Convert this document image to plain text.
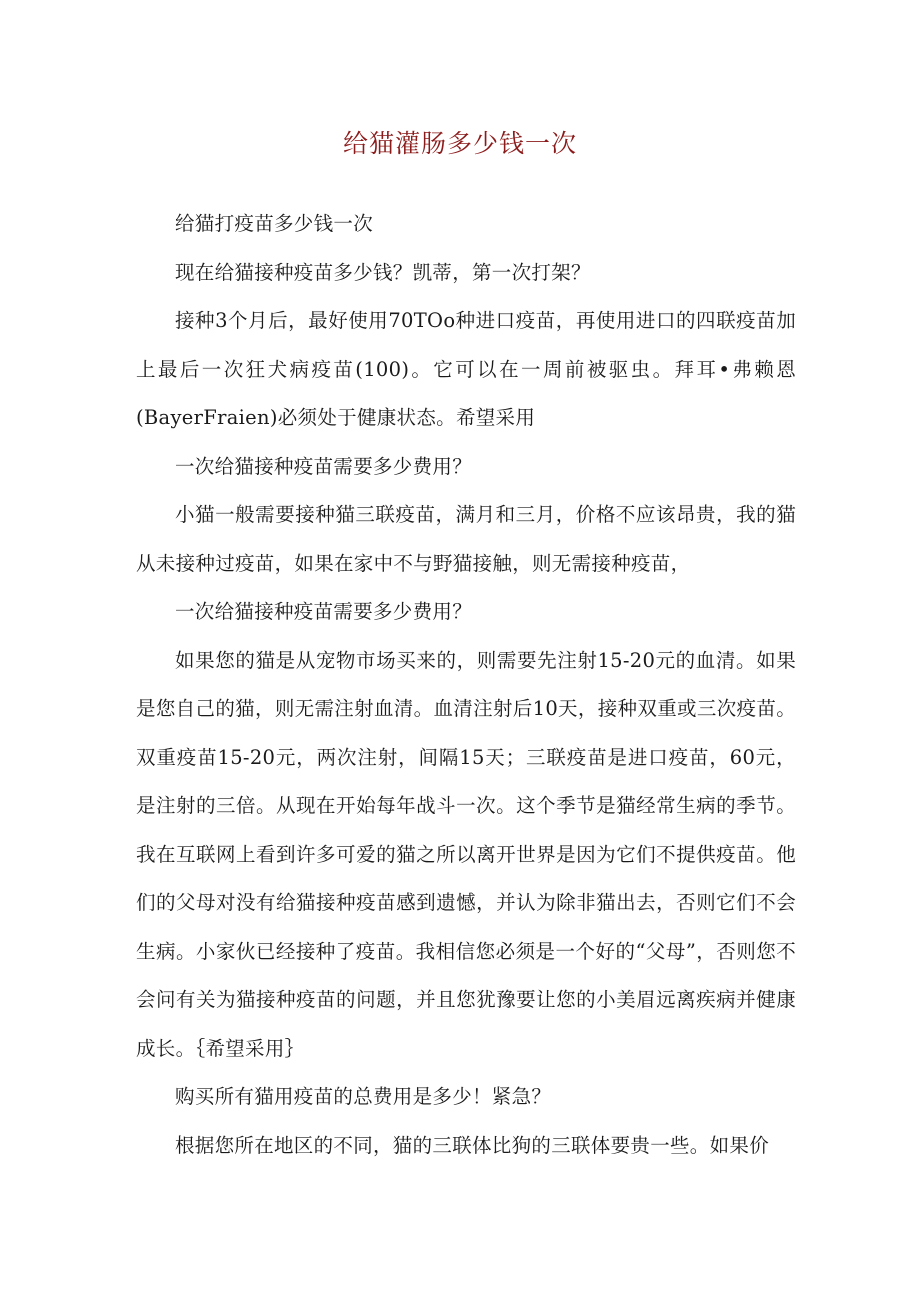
给猫灌肠多少钱一次

给猫打疫苗多少钱一次

现在给猫接种疫苗多少钱？凯蒂，第一次打架？

接种3个月后，最好使用70TOo种进口疫苗，再使用进口的四联疫苗加上最后一次狂犬病疫苗(100)。它可以在一周前被驱虫。拜耳•弗赖恩(BayerFraien)必须处于健康状态。希望采用

一次给猫接种疫苗需要多少费用？

小猫一般需要接种猫三联疫苗，满月和三月，价格不应该昂贵，我的猫从未接种过疫苗，如果在家中不与野猫接触，则无需接种疫苗，

一次给猫接种疫苗需要多少费用？

如果您的猫是从宠物市场买来的，则需要先注射15-20元的血清。如果是您自己的猫，则无需注射血清。血清注射后10天，接种双重或三次疫苗。双重疫苗15-20元，两次注射，间隔15天；三联疫苗是进口疫苗，60元，是注射的三倍。从现在开始每年战斗一次。这个季节是猫经常生病的季节。我在互联网上看到许多可爱的猫之所以离开世界是因为它们不提供疫苗。他们的父母对没有给猫接种疫苗感到遗憾，并认为除非猫出去，否则它们不会生病。小家伙已经接种了疫苗。我相信您必须是一个好的“父母”，否则您不会问有关为猫接种疫苗的问题，并且您犹豫要让您的小美眉远离疾病并健康成长。｛希望采用｝

购买所有猫用疫苗的总费用是多少！紧急？

根据您所在地区的不同，猫的三联体比狗的三联体要贵一些。如果价
